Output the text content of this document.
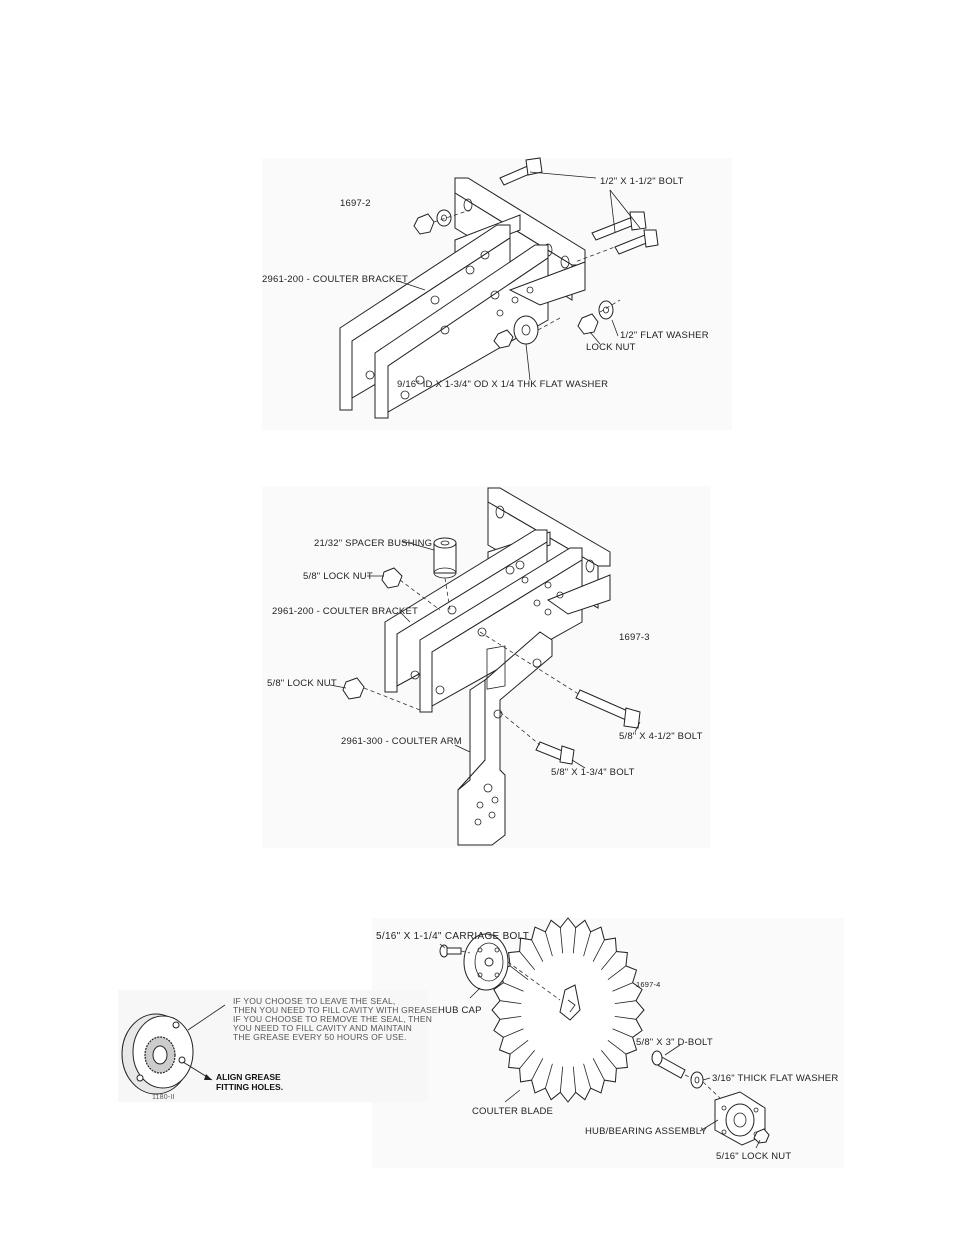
1697-2
1/2" X 1-1/2" BOLT
2961-200 - COULTER BRACKET
1/2" FLAT WASHER
LOCK NUT
9/16" ID X 1-3/4" OD X 1/4 THK FLAT WASHER
21/32" SPACER BUSHING
5/8" LOCK NUT
2961-200 - COULTER BRACKET
1697-3
5/8" LOCK NUT
2961-300 - COULTER ARM	5/8" X 4-1/2" BOLT
5/8" X 1-3/4" BOLT
5/16" X 1-1/4" CARRIAGE BOLT
1697-4
HUB CAP
5/8" X 3" D-BOLT
3/16" THICK FLAT WASHER
COULTER BLADE
HUB/BEARING ASSEMBLY
5/16" LOCK NUT
IF YOU CHOOSE TO LEAVE THE SEAL,
THEN YOU NEED TO FILL CAVITY WITH GREASE.
IF YOU CHOOSE TO REMOVE THE SEAL, THEN
YOU NEED TO FILL CAVITY AND MAINTAIN
THE GREASE EVERY 50 HOURS OF USE.
ALIGN GREASE
FITTING HOLES.
1180-II
